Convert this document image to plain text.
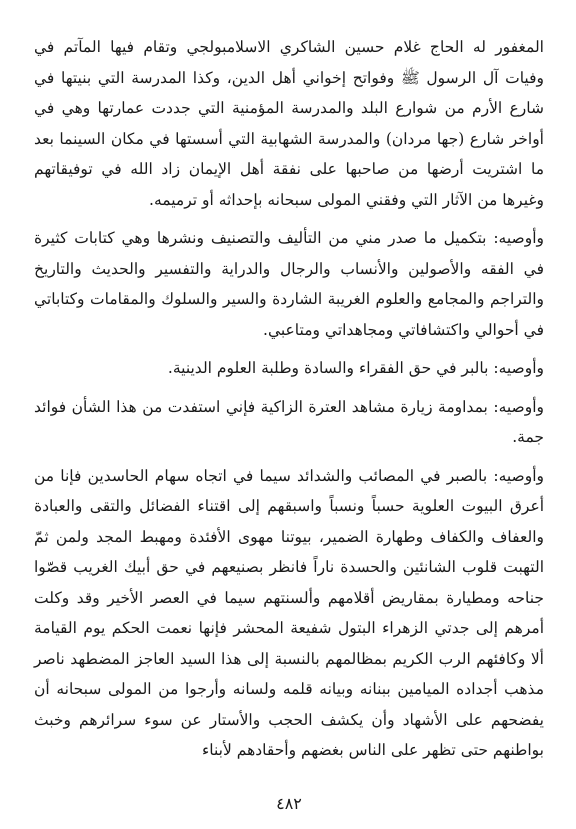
المغفور له الحاج غلام حسين الشاكري الاسلامبولجي وتقام فيها المآتم في وفيات آل الرسول ﷺ وفواتح إخواني أهل الدين، وكذا المدرسة التي بنيتها في شارع الأرم من شوارع البلد والمدرسة المؤمنية التي جددت عمارتها وهي في أواخر شارع (جها مردان) والمدرسة الشهابية التي أسستها في مكان السينما بعد ما اشتريت أرضها من صاحبها على نفقة أهل الإيمان زاد الله في توفيقاتهم وغيرها من الآثار التي وفقني المولى سبحانه بإحداثه أو ترميمه.

وأوصيه: بتكميل ما صدر مني من التأليف والتصنيف ونشرها وهي كتابات كثيرة في الفقه والأصولين والأنساب والرجال والدراية والتفسير والحديث والتاريخ والتراجم والمجامع والعلوم الغريبة الشاردة والسير والسلوك والمقامات وكتاباتي في أحوالي واكتشافاتي ومجاهداتي ومتاعبي.

وأوصيه: بالبر في حق الفقراء والسادة وطلبة العلوم الدينية.

وأوصيه: بمداومة زيارة مشاهد العترة الزاكية فإني استفدت من هذا الشأن فوائد جمة.

وأوصيه: بالصبر في المصائب والشدائد سيما في اتجاه سهام الحاسدين فإنا من أعرق البيوت العلوية حسباً ونسباً واسبقهم إلى اقتناء الفضائل والتقى والعبادة والعفاف والكفاف وطهارة الضمير، بيوتنا مهوى الأفئدة ومهبط المجد ولمن ثمّ التهبت قلوب الشانئين والحسدة ناراً فانظر بصنيعهم في حق أبيك الغريب قصّوا جناحه ومطيارة بمقاريض أقلامهم وألسنتهم سيما في العصر الأخير وقد وكلت أمرهم إلى جدتي الزهراء البتول شفيعة المحشر فإنها نعمت الحكم يوم القيامة ألا وكافئهم الرب الكريم بمظالمهم بالنسبة إلى هذا السيد العاجز المضطهد ناصر مذهب أجداده الميامين ببنانه وبيانه قلمه ولسانه وأرجوا من المولى سبحانه أن يفضحهم على الأشهاد وأن يكشف الحجب والأستار عن سوء سرائرهم وخبث بواطنهم حتى تظهر على الناس بغضهم وأحقادهم لأبناء

٤٨٢
